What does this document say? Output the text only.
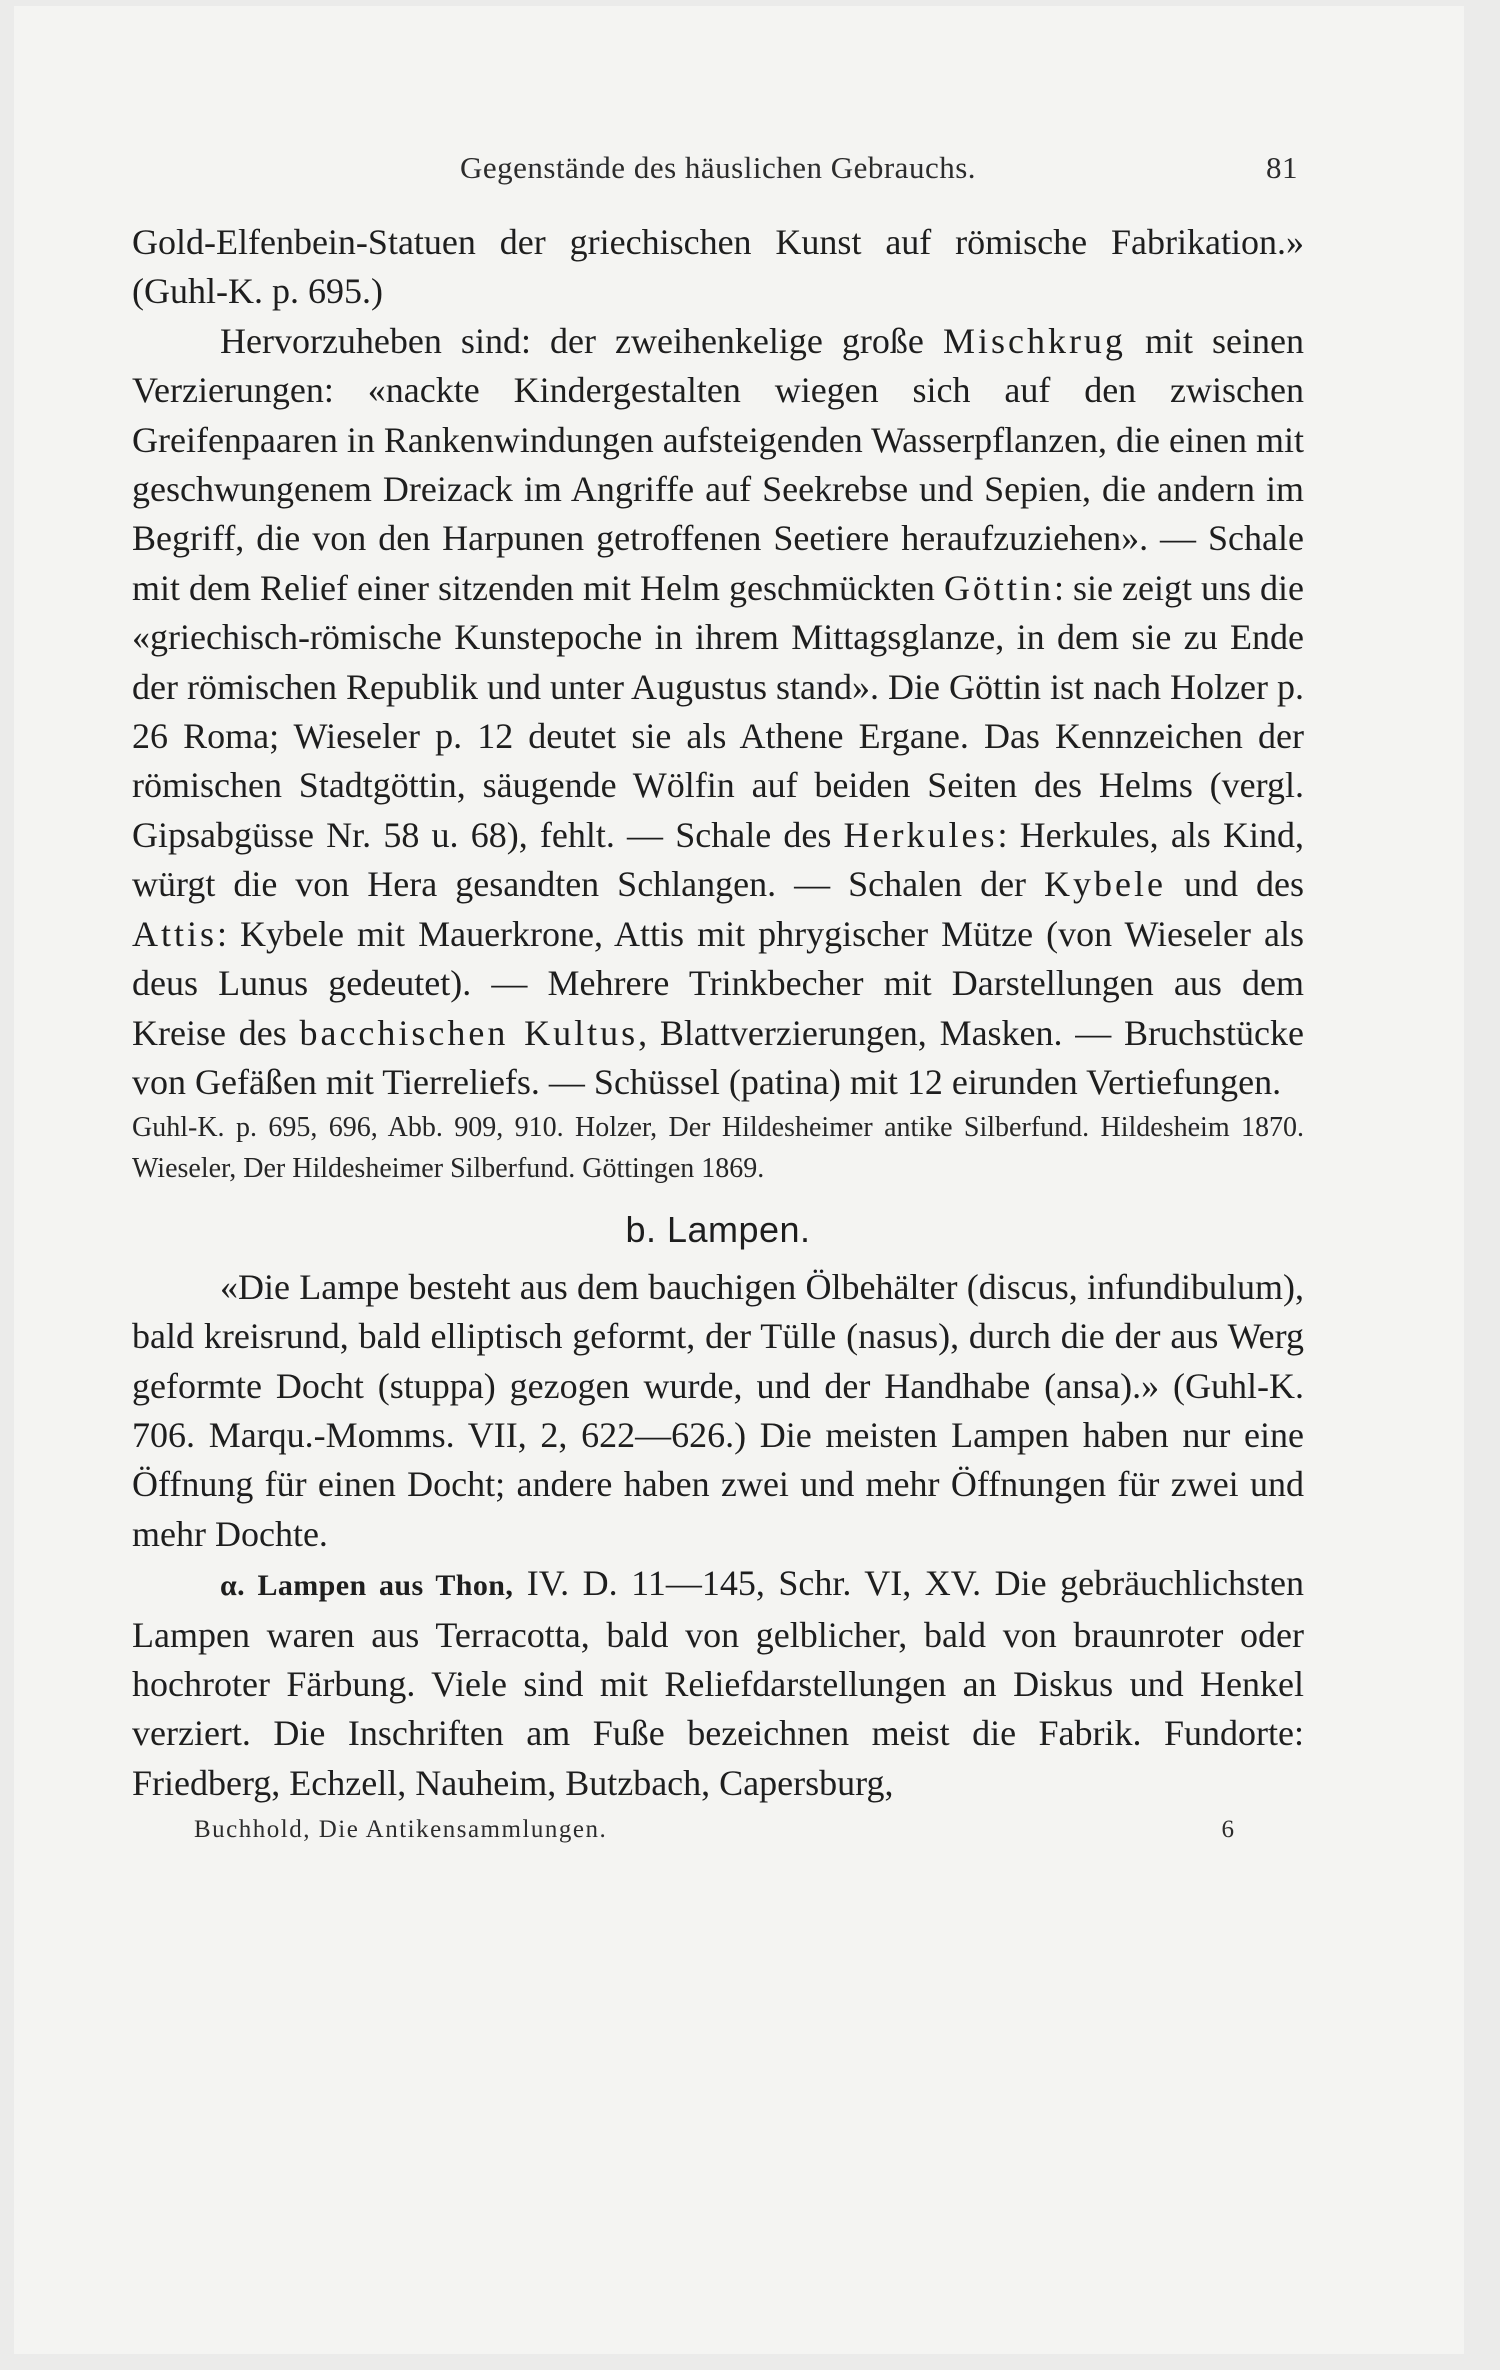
Gegenstände des häuslichen Gebrauchs.	81

Gold-Elfenbein-Statuen der griechischen Kunst auf römische Fabrikation.» (Guhl-K. p. 695.)

Hervorzuheben sind: der zweihenkelige große Mischkrug mit seinen Verzierungen: «nackte Kindergestalten wiegen sich auf den zwischen Greifenpaaren in Rankenwindungen aufsteigenden Wasserpflanzen, die einen mit geschwungenem Dreizack im Angriffe auf Seekrebse und Sepien, die andern im Begriff, die von den Harpunen getroffenen Seetiere heraufzuziehen». — Schale mit dem Relief einer sitzenden mit Helm geschmückten Göttin: sie zeigt uns die «griechisch-römische Kunstepoche in ihrem Mittagsglanze, in dem sie zu Ende der römischen Republik und unter Augustus stand». Die Göttin ist nach Holzer p. 26 Roma; Wieseler p. 12 deutet sie als Athene Ergane. Das Kennzeichen der römischen Stadtgöttin, säugende Wölfin auf beiden Seiten des Helms (vergl. Gipsabgüsse Nr. 58 u. 68), fehlt. — Schale des Herkules: Herkules, als Kind, würgt die von Hera gesandten Schlangen. — Schalen der Kybele und des Attis: Kybele mit Mauerkrone, Attis mit phrygischer Mütze (von Wieseler als deus Lunus gedeutet). — Mehrere Trinkbecher mit Darstellungen aus dem Kreise des bacchischen Kultus, Blattverzierungen, Masken. — Bruchstücke von Gefäßen mit Tierreliefs. — Schüssel (patina) mit 12 eirunden Vertiefungen.

Guhl-K. p. 695, 696, Abb. 909, 910. Holzer, Der Hildesheimer antike Silberfund. Hildesheim 1870. Wieseler, Der Hildesheimer Silberfund. Göttingen 1869.

b. Lampen.

«Die Lampe besteht aus dem bauchigen Ölbehälter (discus, infundibulum), bald kreisrund, bald elliptisch geformt, der Tülle (nasus), durch die der aus Werg geformte Docht (stuppa) gezogen wurde, und der Handhabe (ansa).» (Guhl-K. 706. Marqu.-Momms. VII, 2, 622—626.) Die meisten Lampen haben nur eine Öffnung für einen Docht; andere haben zwei und mehr Öffnungen für zwei und mehr Dochte.

α. Lampen aus Thon, IV. D. 11—145, Schr. VI, XV. Die gebräuchlichsten Lampen waren aus Terracotta, bald von gelblicher, bald von braunroter oder hochroter Färbung. Viele sind mit Reliefdarstellungen an Diskus und Henkel verziert. Die Inschriften am Fuße bezeichnen meist die Fabrik. Fundorte: Friedberg, Echzell, Nauheim, Butzbach, Capersburg,

Buchhold, Die Antikensammlungen.	6
